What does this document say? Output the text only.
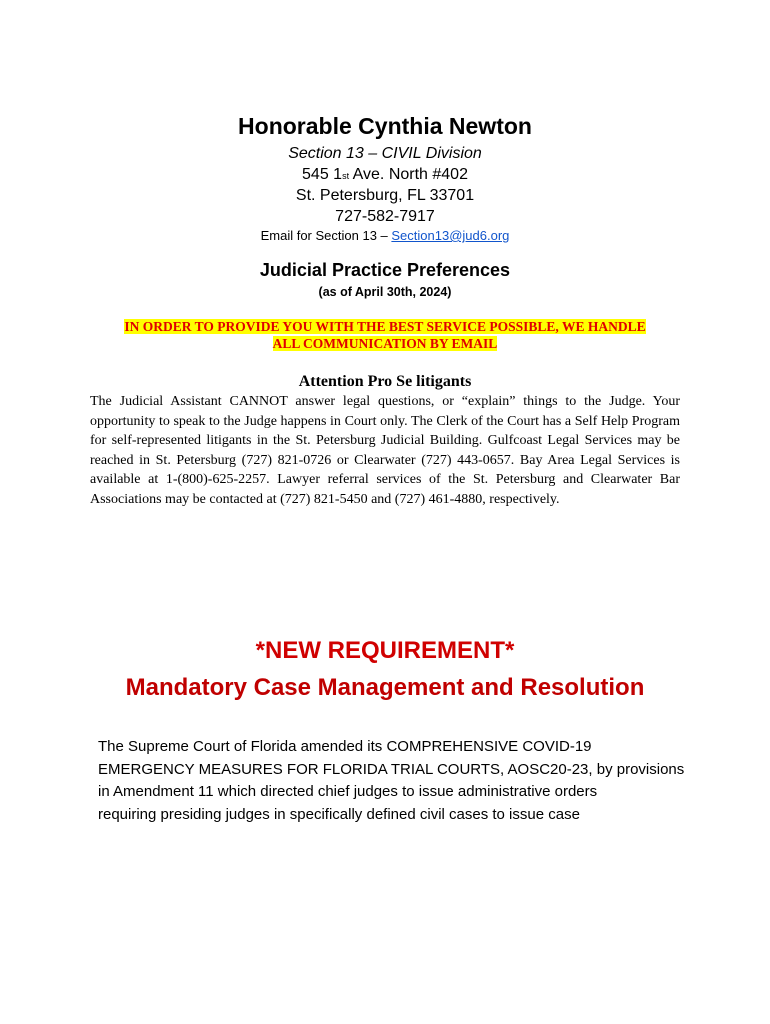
Honorable Cynthia Newton
Section 13 – CIVIL Division
545 1st Ave. North #402
St. Petersburg, FL 33701
727-582-7917
Email for Section 13 – Section13@jud6.org
Judicial Practice Preferences
(as of April 30th, 2024)
IN ORDER TO PROVIDE YOU WITH THE BEST SERVICE POSSIBLE, WE HANDLE
ALL COMMUNICATION BY EMAIL
Attention Pro Se litigants
The Judicial Assistant CANNOT answer legal questions, or “explain” things to the Judge. Your opportunity to speak to the Judge happens in Court only. The Clerk of the Court has a Self Help Program for self-represented litigants in the St. Petersburg Judicial Building. Gulfcoast Legal Services may be reached in St. Petersburg (727) 821-0726 or Clearwater (727) 443-0657. Bay Area Legal Services is available at 1-(800)-625-2257. Lawyer referral services of the St. Petersburg and Clearwater Bar Associations may be contacted at (727) 821-5450 and (727) 461-4880, respectively.
*NEW REQUIREMENT*
Mandatory Case Management and Resolution
The Supreme Court of Florida amended its COMPREHENSIVE COVID-19
EMERGENCY MEASURES FOR FLORIDA TRIAL COURTS, AOSC20-23, by provisions
in Amendment 11 which directed chief judges to issue administrative orders
requiring presiding judges in specifically defined civil cases to issue case
